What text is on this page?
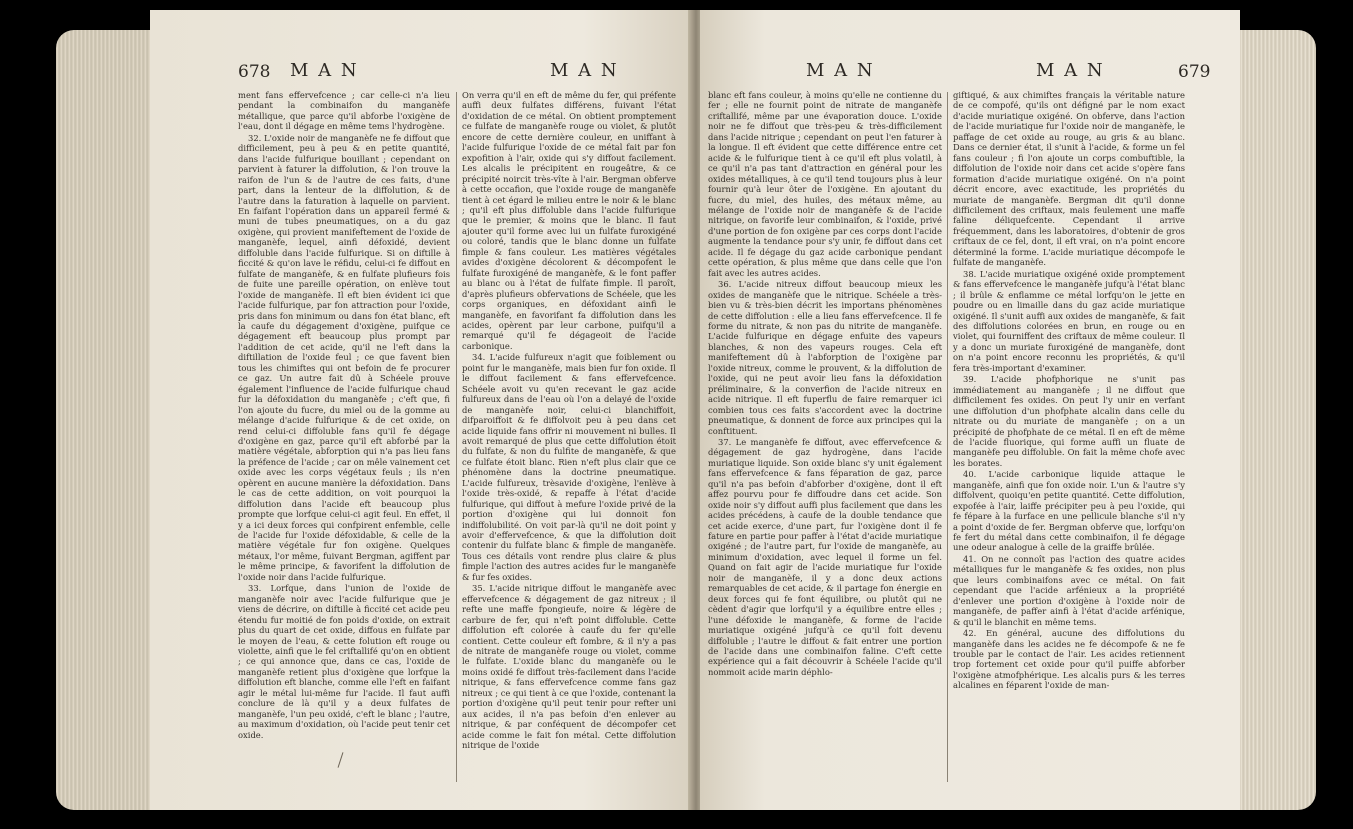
678 M A N	M A N

ment fans effervefcence ; car celle-ci n'a lieu pendant la combinaifon du manganèfe métallique, que parce qu'il abforbe l'oxigène de l'eau, dont il dégage en même tems l'hydrogène.

32. L'oxide noir de manganèfe ne fe diffout que difficilement, peu à peu & en petite quantité, dans l'acide fulfurique bouillant ; cependant on parvient à faturer la diffolution, & l'on trouve la raifon de l'un & de l'autre de ces faits, d'une part, dans la lenteur de la diffolution, & de l'autre dans la faturation à laquelle on parvient. En faifant l'opération dans un appareil fermé & muni de tubes pneumatiques, on a du gaz oxigène, qui provient manifeftement de l'oxide de manganèfe, lequel, ainfi défoxidé, devient diffoluble dans l'acide fulfurique. Si on diftille à ficcité & qu'on lave le réfidu, celui-ci fe diffout en fulfate de manganèfe, & en fulfate plufieurs fois de fuite une pareille opération, on enlève tout l'oxide de manganèfe. Il eft bien évident ici que l'acide fulfurique, par fon attraction pour l'oxide, pris dans fon minimum ou dans fon état blanc, eft la caufe du dégagement d'oxigène, puifque ce dégagement eft beaucoup plus prompt par l'addition de cet acide, qu'il ne l'eft dans la diftillation de l'oxide feul ; ce que favent bien tous les chimiftes qui ont befoin de fe procurer ce gaz. Un autre fait dû à Schéele prouve également l'influence de l'acide fulfurique chaud fur la défoxidation du manganèfe ; c'eft que, fi l'on ajoute du fucre, du miel ou de la gomme au mélange d'acide fulfurique & de cet oxide, on rend celui-ci diffoluble fans qu'il fe dégage d'oxigène en gaz, parce qu'il eft abforbé par la matière végétale, abforption qui n'a pas lieu fans la préfence de l'acide ; car on mêle vainement cet oxide avec les corps végétaux feuls ; ils n'en opèrent en aucune manière la défoxidation. Dans le cas de cette addition, on voit pourquoi la diffolution dans l'acide eft beaucoup plus prompte que lorfque celui-ci agit feul. En effet, il y a ici deux forces qui confpirent enfemble, celle de l'acide fur l'oxide défoxidable, & celle de la matière végétale fur fon oxigène. Quelques métaux, l'or même, fuivant Bergman, agiffent par le même principe, & favorifent la diffolution de l'oxide noir dans l'acide fulfurique.

33. Lorfque, dans l'union de l'oxide de manganèfe noir avec l'acide fulfurique que je viens de décrire, on diftille à ficcité cet acide peu étendu fur moitié de fon poids d'oxide, on extrait plus du quart de cet oxide, diffous en fulfate par le moyen de l'eau, & cette folution eft rouge ou violette, ainfi que le fel criftallifé qu'on en obtient ; ce qui annonce que, dans ce cas, l'oxide de manganèfe retient plus d'oxigène que lorfque la diffolution eft blanche, comme elle l'eft en faifant agir le métal lui-même fur l'acide. Il faut auffi conclure de là qu'il y a deux fulfates de manganèfe, l'un peu oxidé, c'eft le blanc ; l'autre, au maximum d'oxidation, où l'acide peut tenir cet oxide.

On verra qu'il en eft de même du fer, qui préfente auffi deux fulfates différens, fuivant l'état d'oxidation de ce métal. On obtient promptement ce fulfate de manganèfe rouge ou violet, & plutôt encore de cette dernière couleur, en uniffant à l'acide fulfurique l'oxide de ce métal fait par fon expofition à l'air, oxide qui s'y diffout facilement. Les alcalis le précipitent en rougeâtre, & ce précipité noircit très-vîte à l'air. Bergman obferve à cette occafion, que l'oxide rouge de manganèfe tient à cet égard le milieu entre le noir & le blanc ; qu'il eft plus diffoluble dans l'acide fulfurique que le premier, & moins que le blanc. Il faut ajouter qu'il forme avec lui un fulfate furoxigéné ou coloré, tandis que le blanc donne un fulfate fimple & fans couleur. Les matières végétales avides d'oxigène décolorent & décompofent le fulfate furoxigéné de manganèfe, & le font paffer au blanc ou à l'état de fulfate fimple. Il paroît, d'après plufieurs obfervations de Schéele, que les corps organiques, en défoxidant ainfi le manganèfe, en favorifant fa diffolution dans les acides, opèrent par leur carbone, puifqu'il a remarqué qu'il fe dégageoit de l'acide carbonique.

34. L'acide fulfureux n'agit que foiblement ou point fur le manganèfe, mais bien fur fon oxide. Il le diffout facilement & fans effervefcence. Schéele avoit vu qu'en recevant le gaz acide fulfureux dans de l'eau où l'on a delayé de l'oxide de manganèfe noir, celui-ci blanchiffoit, difparoiffoit & fe diffolvoit peu à peu dans cet acide liquide fans offrir ni mouvement ni bulles. Il avoit remarqué de plus que cette diffolution étoit du fulfate, & non du fulfite de manganèfe, & que ce fulfate étoit blanc. Rien n'eft plus clair que ce phénomène dans la doctrine pneumatique. L'acide fulfureux, trèsavide d'oxigène, l'enlève à l'oxide très-oxidé, & repaffe à l'état d'acide fulfurique, qui diffout à mefure l'oxide privé de la portion d'oxigène qui lui donnoit fon indiffolubilité. On voit par-là qu'il ne doit point y avoir d'effervefcence, & que la diffolution doit contenir du fulfate blanc & fimple de manganèfe. Tous ces détails vont rendre plus claire & plus fimple l'action des autres acides fur le manganèfe & fur fes oxides.

35. L'acide nitrique diffout le manganèfe avec effervefcence & dégagement de gaz nitreux ; il refte une maffe fpongieufe, noire & légère de carbure de fer, qui n'eft point diffoluble. Cette diffolution eft colorée à caufe du fer qu'elle contient. Cette couleur eft fombre, & il n'y a pas de nitrate de manganèfe rouge ou violet, comme le fulfate. L'oxide blanc du manganèfe ou le moins oxidé fe diffout très-facilement dans l'acide nitrique, & fans effervefcence comme fans gaz nitreux ; ce qui tient à ce que l'oxide, contenant la portion d'oxigène qu'il peut tenir pour refter uni aux acides, il n'a pas befoin d'en enlever au nitrique, & par conféquent de décompofer cet acide comme le fait fon métal. Cette diffolution nitrique de l'oxide

M A N	M A N	679

blanc eft fans couleur, à moins qu'elle ne contienne du fer ; elle ne fournit point de nitrate de manganèfe criftallifé, même par une évaporation douce. L'oxide noir ne fe diffout que très-peu & très-difficilement dans l'acide nitrique ; cependant on peut l'en faturer à la longue. Il eft évident que cette différence entre cet acide & le fulfurique tient à ce qu'il eft plus volatil, à ce qu'il n'a pas tant d'attraction en général pour les oxides métalliques, à ce qu'il tend toujours plus à leur fournir qu'à leur ôter de l'oxigène. En ajoutant du fucre, du miel, des huiles, des métaux même, au mélange de l'oxide noir de manganèfe & de l'acide nitrique, on favorife leur combinaifon, & l'oxide, privé d'une portion de fon oxigène par ces corps dont l'acide augmente la tendance pour s'y unir, fe diffout dans cet acide. Il fe dégage du gaz acide carbonique pendant cette opération, & plus même que dans celle que l'on fait avec les autres acides.

36. L'acide nitreux diffout beaucoup mieux les oxides de manganèfe que le nitrique. Schéele a très-bien vu & très-bien décrit les importans phénomènes de cette diffolution : elle a lieu fans effervefcence. Il fe forme du nitrate, & non pas du nitrite de manganèfe. L'acide fulfurique en dégage enfuite des vapeurs blanches, & non des vapeurs rouges. Cela eft manifeftement dû à l'abforption de l'oxigène par l'oxide nitreux, comme le prouvent, & la diffolution de l'oxide, qui ne peut avoir lieu fans la défoxidation préliminaire, & la converfion de l'acide nitreux en acide nitrique. Il eft fuperflu de faire remarquer ici combien tous ces faits s'accordent avec la doctrine pneumatique, & donnent de force aux principes qui la conftituent.

37. Le manganèfe fe diffout, avec effervefcence & dégagement de gaz hydrogène, dans l'acide muriatique liquide. Son oxide blanc s'y unit également fans effervefcence & fans féparation de gaz, parce qu'il n'a pas befoin d'abforber d'oxigène, dont il eft affez pourvu pour fe diffoudre dans cet acide. Son oxide noir s'y diffout auffi plus facilement que dans les acides précédens, à caufe de la double tendance que cet acide exerce, d'une part, fur l'oxigène dont il fe fature en partie pour paffer à l'état d'acide muriatique oxigéné ; de l'autre part, fur l'oxide de manganèfe, au minimum d'oxidation, avec lequel il forme un fel. Quand on fait agir de l'acide muriatique fur l'oxide noir de manganèfe, il y a donc deux actions remarquables de cet acide, & il partage fon énergie en deux forces qui fe font équilibre, ou plutôt qui ne cèdent d'agir que lorfqu'il y a équilibre entre elles ; l'une défoxide le manganèfe, & forme de l'acide muriatique oxigéné jufqu'à ce qu'il foit devenu diffoluble ; l'autre le diffout & fait entrer une portion de l'acide dans une combinaifon faline. C'eft cette expérience qui a fait découvrir à Schéele l'acide qu'il nommoit acide marin déphlo-

giftiqué, & aux chimiftes français la véritable nature de ce compofé, qu'ils ont défigné par le nom exact d'acide muriatique oxigéné. On obferve, dans l'action de l'acide muriatique fur l'oxide noir de manganèfe, le paffage de cet oxide au rouge, au gris & au blanc. Dans ce dernier état, il s'unit à l'acide, & forme un fel fans couleur ; fi l'on ajoute un corps combuftible, la diffolution de l'oxide noir dans cet acide s'opère fans formation d'acide muriatique oxigéné. On n'a point décrit encore, avec exactitude, les propriétés du muriate de manganèfe. Bergman dit qu'il donne difficilement des criftaux, mais feulement une maffe faline déliquefcente. Cependant il arrive fréquemment, dans les laboratoires, d'obtenir de gros criftaux de ce fel, dont, il eft vrai, on n'a point encore déterminé la forme. L'acide muriatique décompofe le fulfate de manganèfe.

38. L'acide muriatique oxigéné oxide promptement & fans effervefcence le manganèfe jufqu'à l'état blanc ; il brûle & enflamme ce métal lorfqu'on le jette en poudre ou en limaille dans du gaz acide muriatique oxigéné. Il s'unit auffi aux oxides de manganèfe, & fait des diffolutions colorées en brun, en rouge ou en violet, qui fourniffent des criftaux de même couleur. Il y a donc un muriate furoxigéné de manganèfe, dont on n'a point encore reconnu les propriétés, & qu'il fera très-important d'examiner.

39. L'acide phofphorique ne s'unit pas immédiatement au manganèfe ; il ne diffout que difficilement fes oxides. On peut l'y unir en verfant une diffolution d'un phofphate alcalin dans celle du nitrate ou du muriate de manganèfe ; on a un précipité de phofphate de ce métal. Il en eft de même de l'acide fluorique, qui forme auffi un fluate de manganèfe peu diffoluble. On fait la même chofe avec les borates.

40. L'acide carbonique liquide attaque le manganèfe, ainfi que fon oxide noir. L'un & l'autre s'y diffolvent, quoiqu'en petite quantité. Cette diffolution, expofée à l'air, laiffe précipiter peu à peu l'oxide, qui fe fépare à la furface en une pellicule blanche s'il n'y a point d'oxide de fer. Bergman obferve que, lorfqu'on fe fert du métal dans cette combinaifon, il fe dégage une odeur analogue à celle de la graiffe brûlée.

41. On ne connoît pas l'action des quatre acides métalliques fur le manganèfe & fes oxides, non plus que leurs combinaifons avec ce métal. On fait cependant que l'acide arfénieux a la propriété d'enlever une portion d'oxigène à l'oxide noir de manganèfe, de paffer ainfi à l'état d'acide arfénique, & qu'il le blanchit en même tems.

42. En général, aucune des diffolutions du manganèfe dans les acides ne fe décompofe & ne fe trouble par le contact de l'air. Les acides retiennent trop fortement cet oxide pour qu'il puiffe abforber l'oxigène atmofphérique. Les alcalis purs & les terres alcalines en féparent l'oxide de man-
